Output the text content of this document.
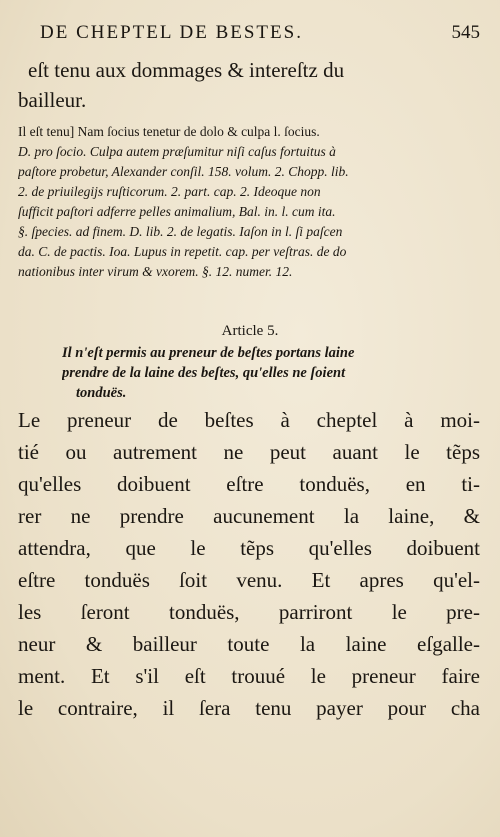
DE CHEPTEL DE BESTES.	545
eſt tenu aux dommages & intereſtz du
bailleur.
Il eſt tenu] Nam ſocius tenetur de dolo & culpa l. ſocius.
D. pro ſocio. Culpa autem præſumitur niſi caſus fortuitus à
paſtore probetur, Alexander conſil. 158. volum. 2. Chopp. lib.
2. de priuilegijs ruſticorum. 2. part. cap. 2. Ideoque non
ſufficit paſtori adferre pelles animalium, Bal. in. l. cum ita.
§. ſpecies. ad finem. D. lib. 2. de legatis. Iaſon in l. ſi paſcen
da. C. de pactis. Ioa. Lupus in repetit. cap. per veſtras. de do
nationibus inter virum & vxorem. §. 12. numer. 12.
Article 5.
Il n'eſt permis au preneur de beſtes portans laine
prendre de la laine des beſtes, qu'elles ne ſoient
tonduës.
Le preneur de beſtes à cheptel à moi-
tié ou autrement ne peut auant le tẽps
qu'elles doibuent eſtre tonduës, en ti-
rer ne prendre aucunement la laine, &
attendra, que le tẽps qu'elles doibuent
eſtre tonduës ſoit venu. Et apres qu'el-
les ſeront tonduës, parriront le pre-
neur & bailleur toute la laine eſgalle-
ment. Et s'il eſt trouué le preneur faire
le contraire, il ſera tenu payer pour cha
